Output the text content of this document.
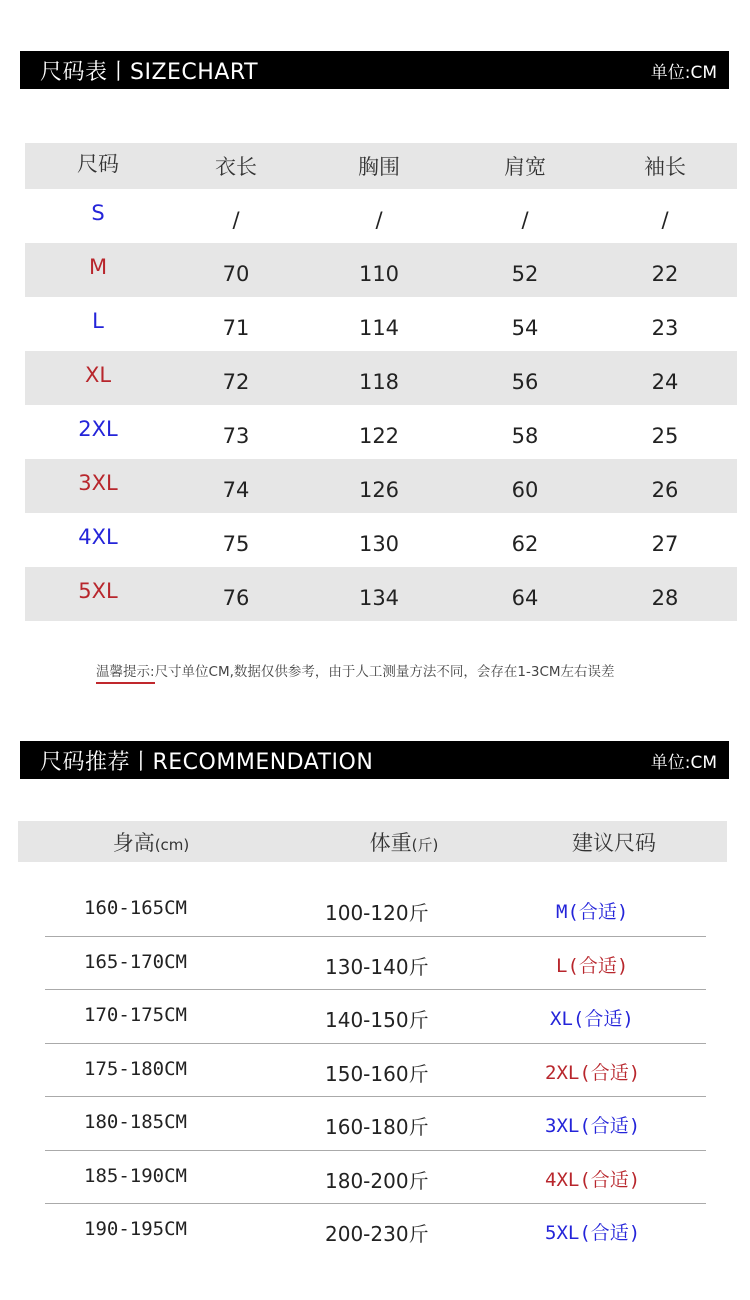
尺码表丨SIZECHART	单位:CM
尺码	衣长	胸围	肩宽	袖长
S	/	/	/	/
M	70	110	52	22
L	71	114	54	23
XL	72	118	56	24
2XL	73	122	58	25
3XL	74	126	60	26
4XL	75	130	62	27
5XL	76	134	64	28
温馨提示:尺寸单位CM,数据仅供参考，由于人工测量方法不同，会存在1-3CM左右误差
尺码推荐丨RECOMMENDATION	单位:CM
身高(cm)	体重(斤)	建议尺码
160-165CM	100-120斤	M(合适)
165-170CM	130-140斤	L(合适)
170-175CM	140-150斤	XL(合适)
175-180CM	150-160斤	2XL(合适)
180-185CM	160-180斤	3XL(合适)
185-190CM	180-200斤	4XL(合适)
190-195CM	200-230斤	5XL(合适)
